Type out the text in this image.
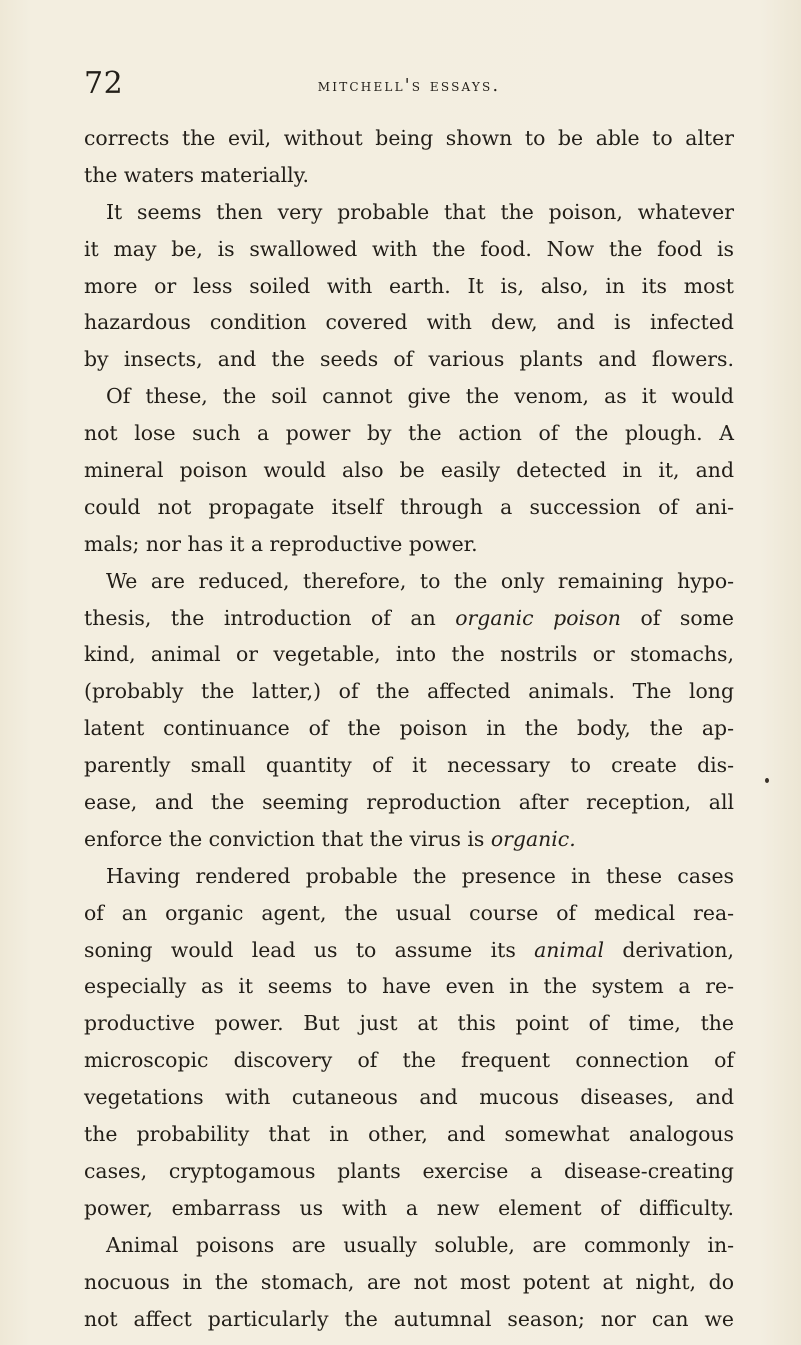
72	mitchell's essays.
corrects the evil, without being shown to be able to alter
the waters materially.
It seems then very probable that the poison, whatever
it may be, is swallowed with the food. Now the food is
more or less soiled with earth. It is, also, in its most
hazardous condition covered with dew, and is infected
by insects, and the seeds of various plants and flowers.
Of these, the soil cannot give the venom, as it would
not lose such a power by the action of the plough. A
mineral poison would also be easily detected in it, and
could not propagate itself through a succession of ani-
mals; nor has it a reproductive power.
We are reduced, therefore, to the only remaining hypo-
thesis, the introduction of an organic poison of some
kind, animal or vegetable, into the nostrils or stomachs,
(probably the latter,) of the affected animals. The long
latent continuance of the poison in the body, the ap-
parently small quantity of it necessary to create dis-
ease, and the seeming reproduction after reception, all
enforce the conviction that the virus is organic.
Having rendered probable the presence in these cases
of an organic agent, the usual course of medical rea-
soning would lead us to assume its animal derivation,
especially as it seems to have even in the system a re-
productive power. But just at this point of time, the
microscopic discovery of the frequent connection of
vegetations with cutaneous and mucous diseases, and
the probability that in other, and somewhat analogous
cases, cryptogamous plants exercise a disease-creating
power, embarrass us with a new element of difficulty.
Animal poisons are usually soluble, are commonly in-
nocuous in the stomach, are not most potent at night, do
not affect particularly the autumnal season; nor can we
